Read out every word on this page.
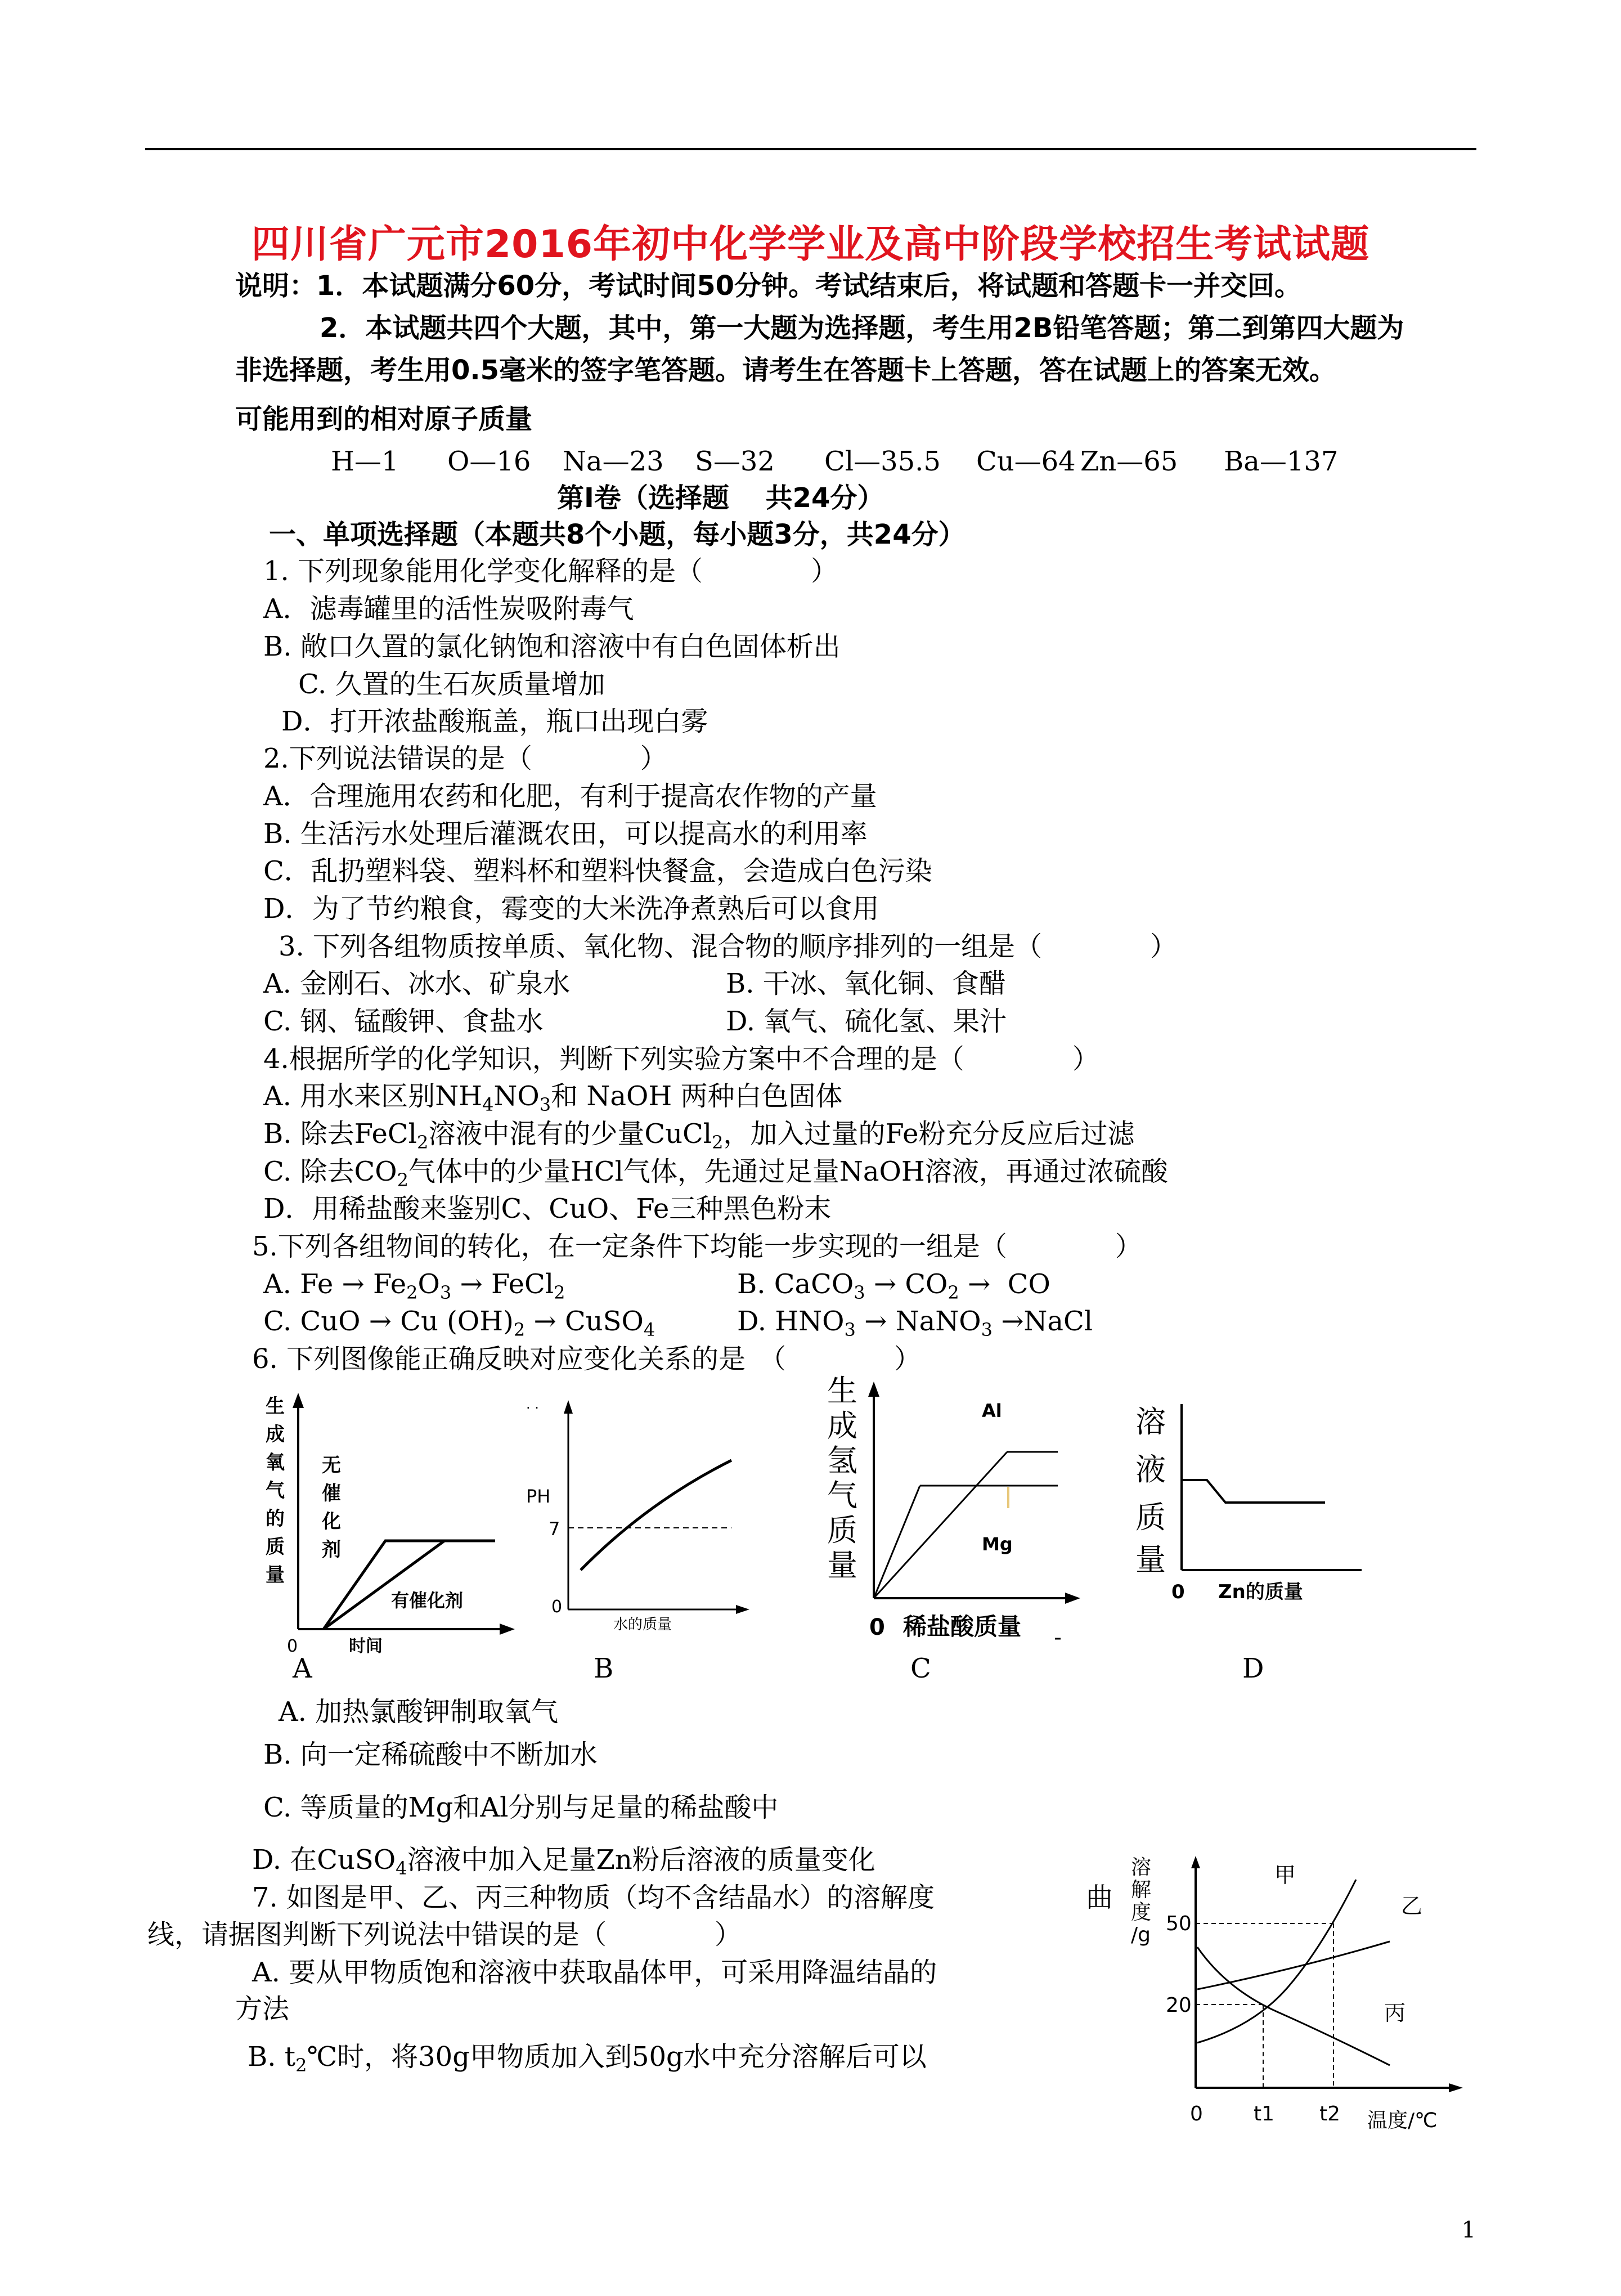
四川省广元市2016年初中化学学业及高中阶段学校招生考试试题
说明：1．本试题满分60分，考试时间50分钟。考试结束后，将试题和答题卡一并交回。
2．本试题共四个大题，其中，第一大题为选择题，考生用2B铅笔答题；第二到第四大题为
非选择题，考生用0.5毫米的签字笔答题。请考生在答题卡上答题，答在试题上的答案无效。
可能用到的相对原子质量
H—1 O—16 Na—23 S—32 Cl—35.5 Cu—64 Zn—65 Ba—137
第Ⅰ卷（选择题　 共24分）
一、单项选择题（本题共8个小题，每小题3分，共24分）
1. 下列现象能用化学变化解释的是（　　　　）
A．滤毒罐里的活性炭吸附毒气
B. 敞口久置的氯化钠饱和溶液中有白色固体析出
C. 久置的生石灰质量增加
D．打开浓盐酸瓶盖，瓶口出现白雾
2.下列说法错误的是（　　　　）
A．合理施用农药和化肥，有利于提高农作物的产量
B. 生活污水处理后灌溉农田，可以提高水的利用率
C．乱扔塑料袋、塑料杯和塑料快餐盒，会造成白色污染
D．为了节约粮食，霉变的大米洗净煮熟后可以食用
3. 下列各组物质按单质、氧化物、混合物的顺序排列的一组是（　　　　）
A. 金刚石、冰水、矿泉水	B. 干冰、氧化铜、食醋
C. 钢、锰酸钾、食盐水	D. 氧气、硫化氢、果汁
4.根据所学的化学知识，判断下列实验方案中不合理的是（　　　　）
A. 用水来区别$NH_4NO_3$和 NaOH 两种白色固体
B. 除去FeCl$_2$溶液中混有的少量CuCl$_2$，加入过量的Fe粉充分反应后过滤
C. 除去$CO_2$气体中的少量HCl气体，先通过足量NaOH溶液，再通过浓硫酸
D．用稀盐酸来鉴别C、CuO、Fe三种黑色粉末
5.下列各组物间的转化，在一定条件下均能一步实现的一组是（　　　　）
A. $Fe \to Fe_2O_3$ → FeCl$_2$	B. CaCO$_3$ → $CO_2$ → CO
C. CuO → Cu $(OH)_2$ → CuSO$_4$	D. $HNO_3$ → NaNO$_3$ →NaCl
6. 下列图像能正确反映对应变化关系的是　（　　　　）
生
成
氧
气
的
质
量
0	时间
无
催
化
剂
有催化剂
· ·
PH
7
0
水的质量
生
成
氢
气
质
量
0 稀盐酸质量
Al
Mg
溶
液
质
量
0 Zn的质量
A	B	C	D
A. 加热氯酸钾制取氧气
B. 向一定稀硫酸中不断加水
C. 等质量的Mg和Al分别与足量的稀盐酸中
D. 在CuSO$_4$溶液中加入足量Zn粉后溶液的质量变化
7. 如图是甲、乙、丙三种物质（均不含结晶水）的溶解度	曲
线，请据图判断下列说法中错误的是（　　　　）
A. 要从甲物质饱和溶液中获取晶体甲，可采用降温结晶的
方法
B. $t_2℃$时，将30g甲物质加入到50g水中充分溶解后可以
溶
解
度
/g 50
20
0	t1 t2 温度/℃
甲
乙
丙
1
